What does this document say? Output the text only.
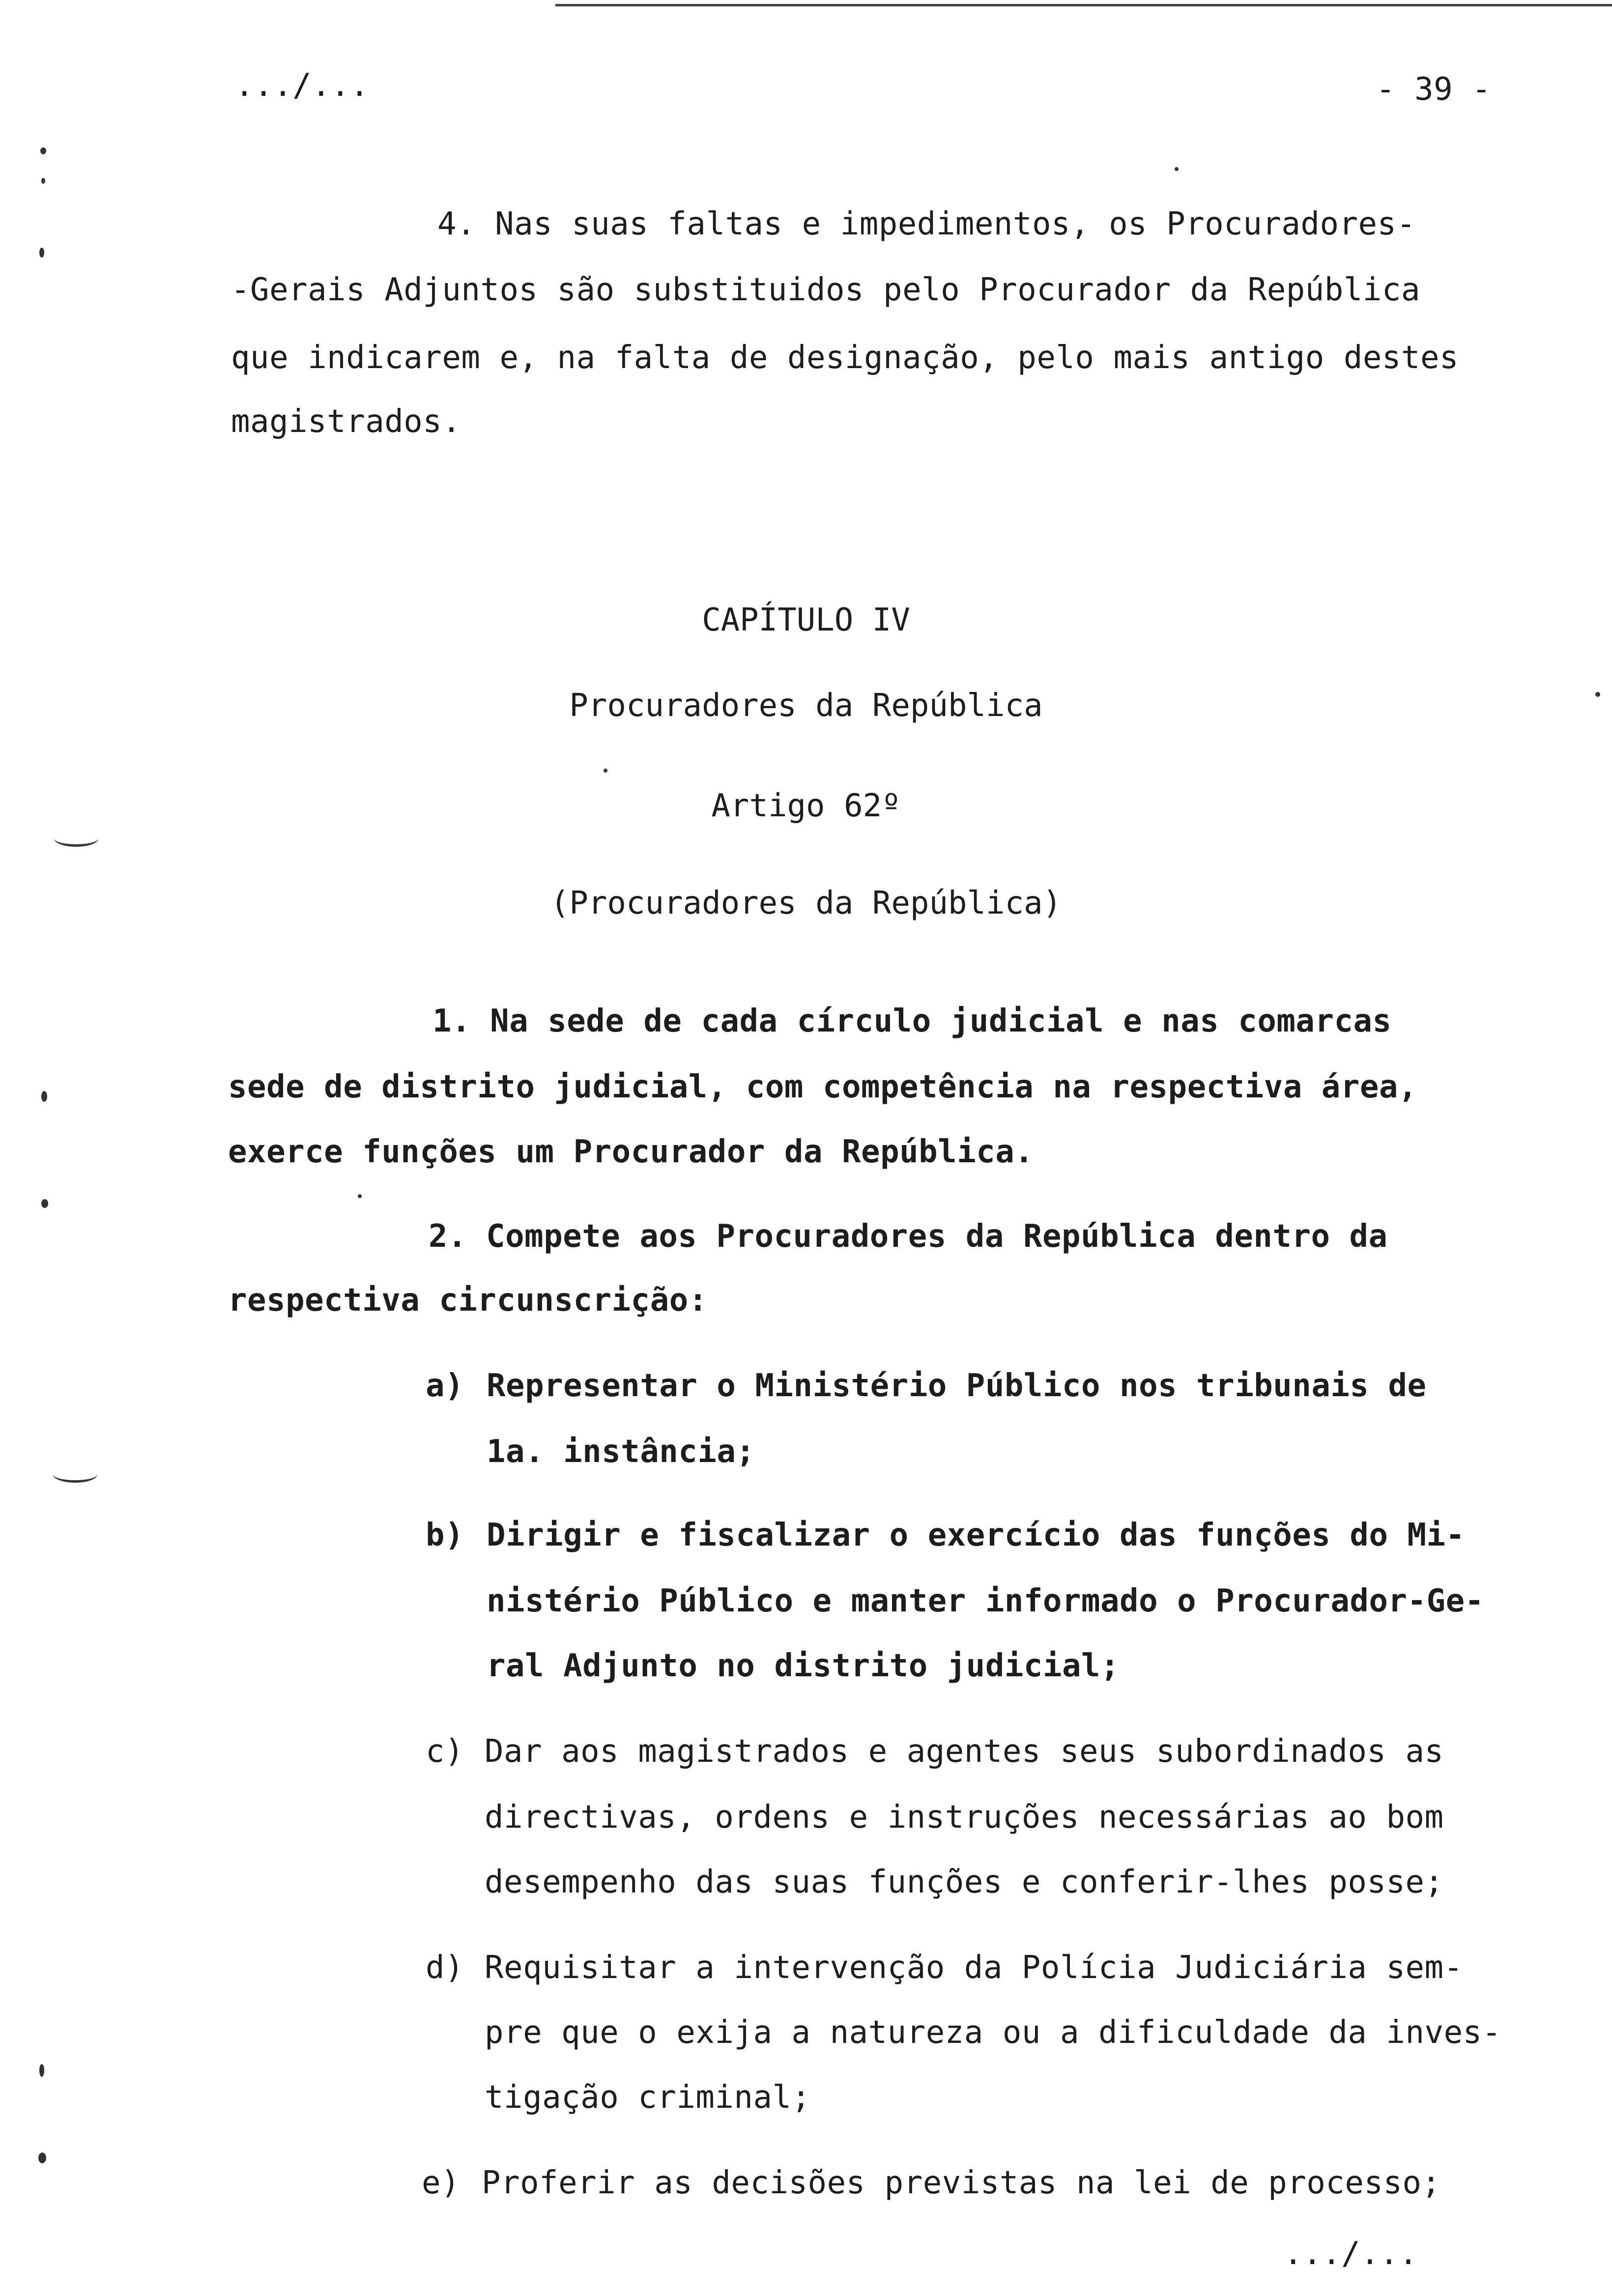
.../...	- 39 -
4. Nas suas faltas e impedimentos, os Procuradores-
-Gerais Adjuntos são substituidos pelo Procurador da República
que indicarem e, na falta de designação, pelo mais antigo destes
magistrados.
CAPÍTULO IV
Procuradores da República
Artigo 62º
(Procuradores da República)
1. Na sede de cada círculo judicial e nas comarcas
sede de distrito judicial, com competência na respectiva área,
exerce funções um Procurador da República.
2. Compete aos Procuradores da República dentro da
respectiva circunscrição:
a) Representar o Ministério Público nos tribunais de
1a. instância;
b) Dirigir e fiscalizar o exercício das funções do Mi-
nistério Público e manter informado o Procurador-Ge-
ral Adjunto no distrito judicial;
c) Dar aos magistrados e agentes seus subordinados as
directivas, ordens e instruções necessárias ao bom
desempenho das suas funções e conferir-lhes posse;
d) Requisitar a intervenção da Polícia Judiciária sem-
pre que o exija a natureza ou a dificuldade da inves-
tigação criminal;
e) Proferir as decisões previstas na lei de processo;
.../...
